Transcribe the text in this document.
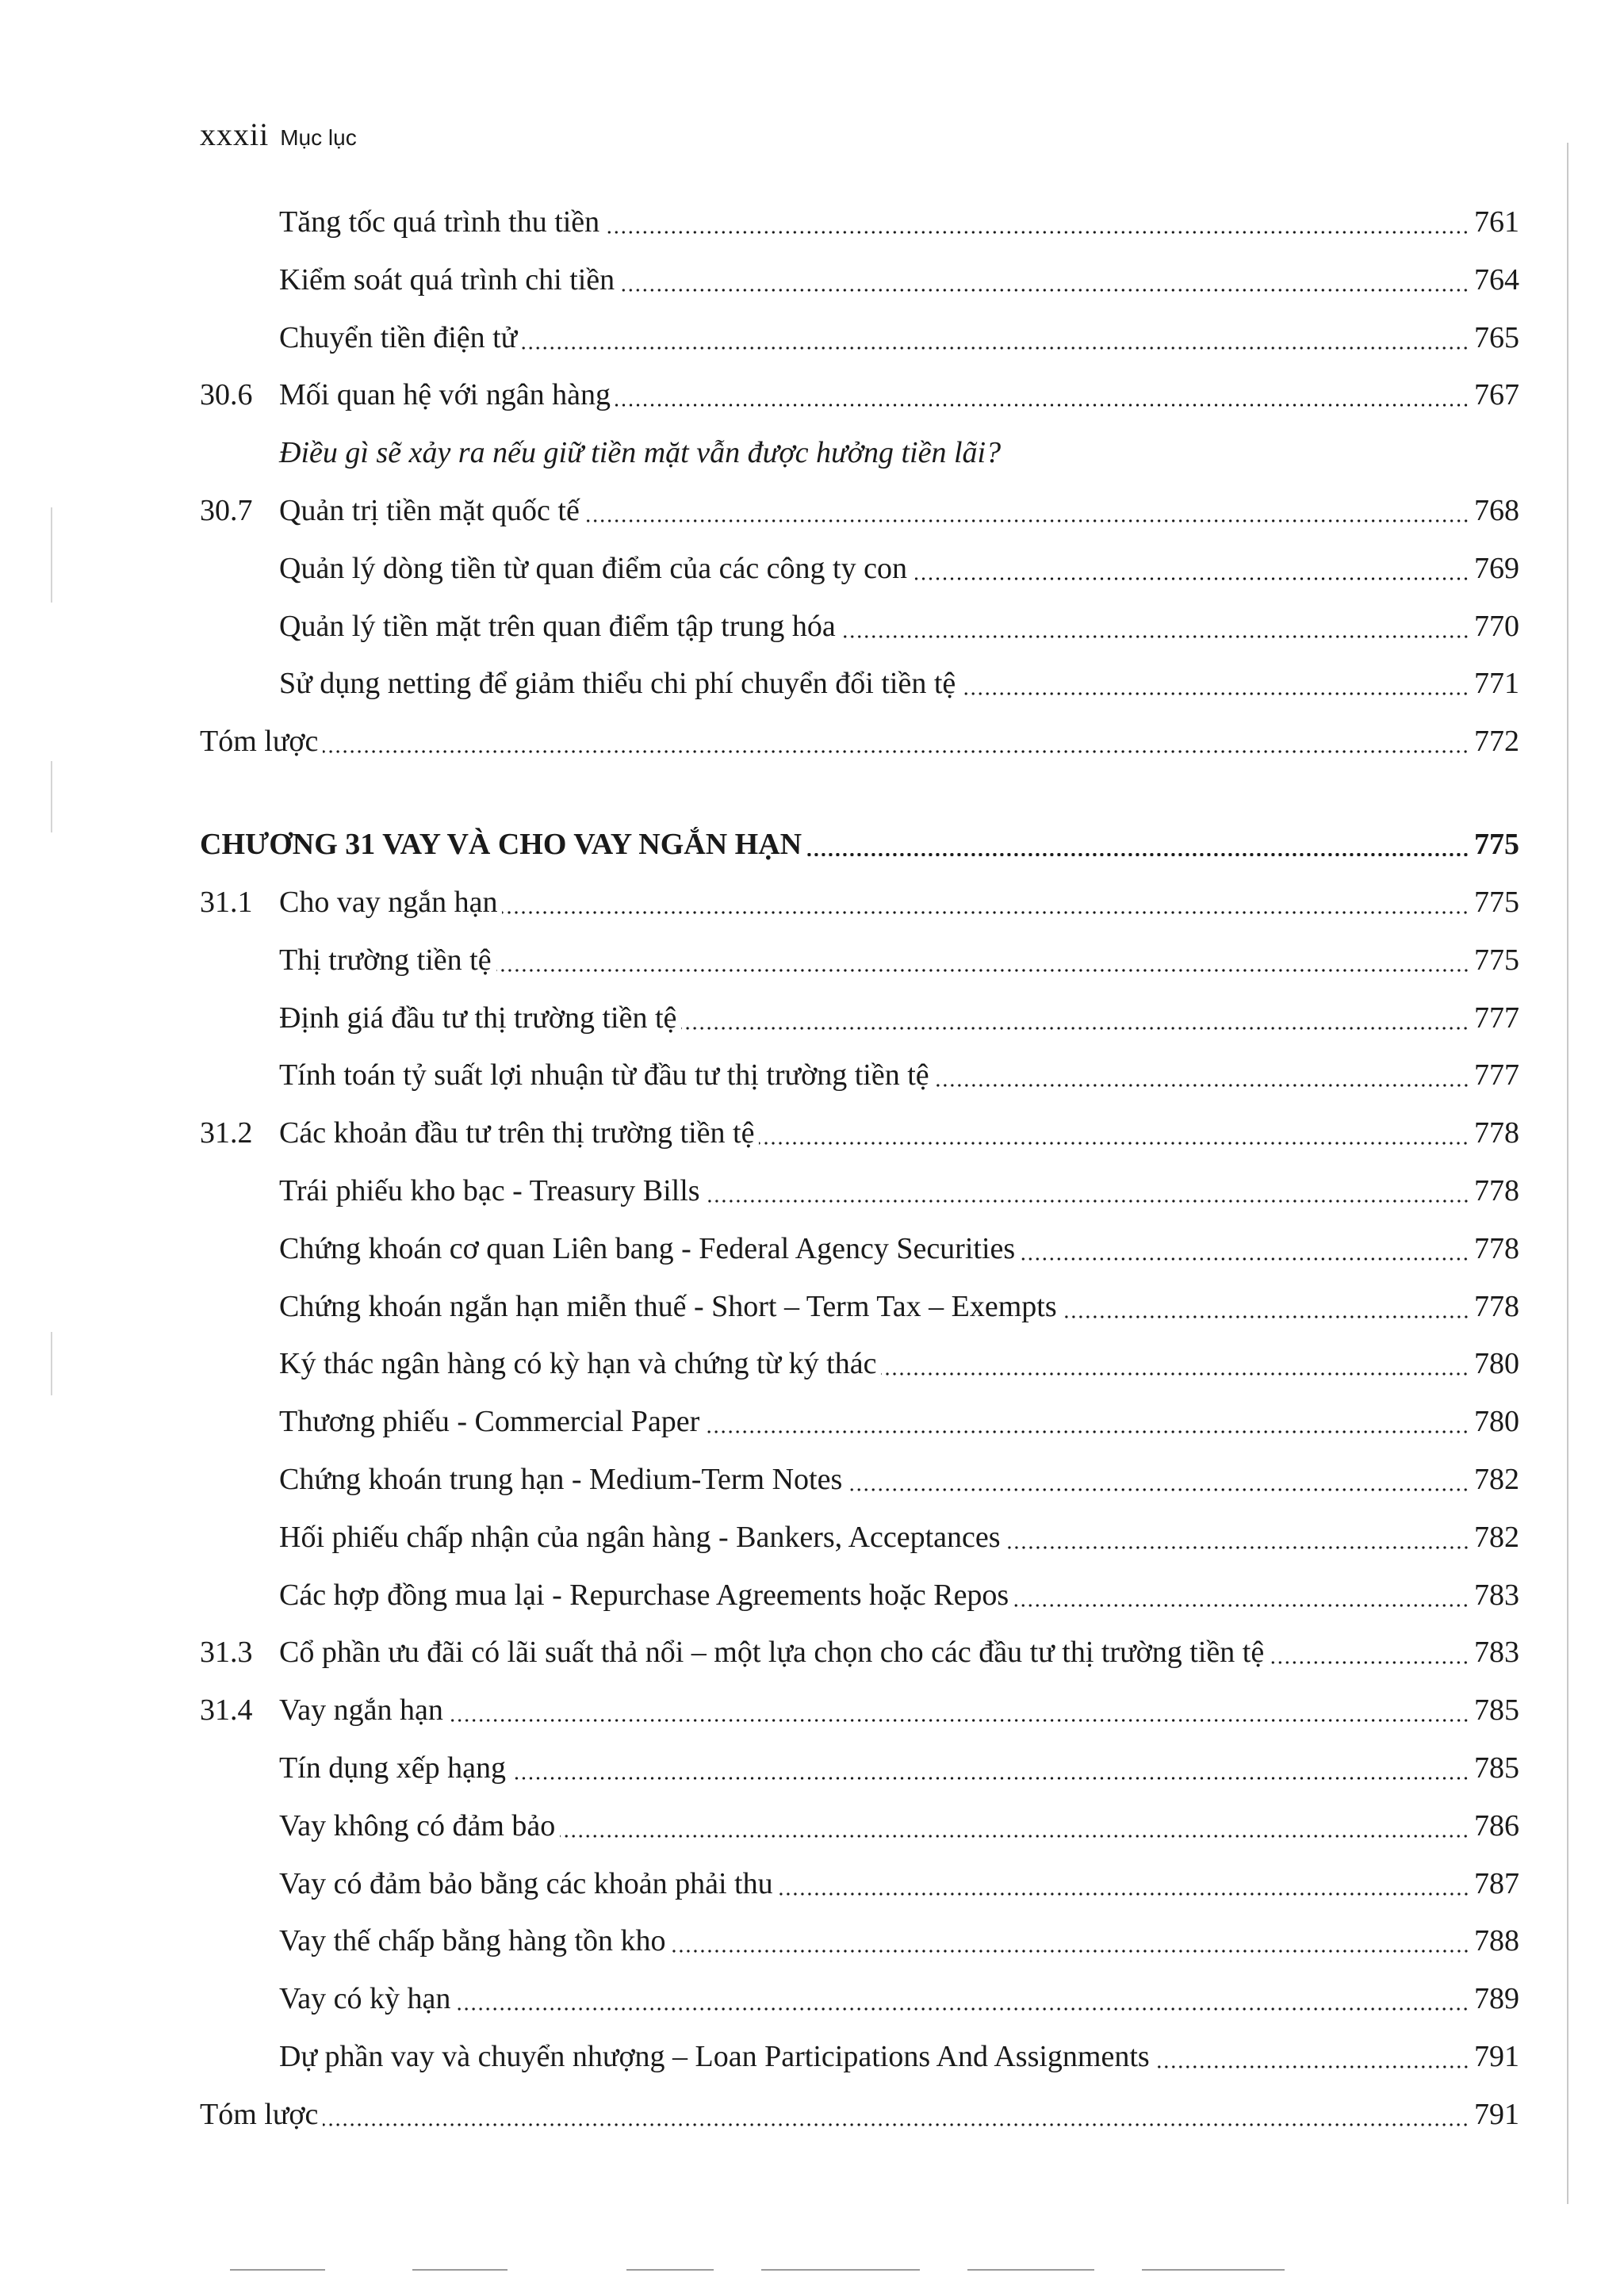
xxxii Mục lục
Tăng tốc quá trình thu tiền	761
Kiểm soát quá trình chi tiền	764
Chuyển tiền điện tử	765
30.6 Mối quan hệ với ngân hàng	767
Điều gì sẽ xảy ra nếu giữ tiền mặt vẫn được hưởng tiền lãi?
30.7 Quản trị tiền mặt quốc tế	768
Quản lý dòng tiền từ quan điểm của các công ty con	769
Quản lý tiền mặt trên quan điểm tập trung hóa	770
Sử dụng netting để giảm thiểu chi phí chuyển đổi tiền tệ	771
Tóm lược	772
CHƯƠNG 31 VAY VÀ CHO VAY NGẮN HẠN	775
31.1 Cho vay ngắn hạn	775
Thị trường tiền tệ	775
Định giá đầu tư thị trường tiền tệ	777
Tính toán tỷ suất lợi nhuận từ đầu tư thị trường tiền tệ	777
31.2 Các khoản đầu tư trên thị trường tiền tệ	778
Trái phiếu kho bạc - Treasury Bills	778
Chứng khoán cơ quan Liên bang - Federal Agency Securities	778
Chứng khoán ngắn hạn miễn thuế - Short – Term Tax – Exempts	778
Ký thác ngân hàng có kỳ hạn và chứng từ ký thác	780
Thương phiếu - Commercial Paper	780
Chứng khoán trung hạn - Medium-Term Notes	782
Hối phiếu chấp nhận của ngân hàng - Bankers, Acceptances	782
Các hợp đồng mua lại - Repurchase Agreements hoặc Repos	783
31.3 Cổ phần ưu đãi có lãi suất thả nổi – một lựa chọn cho các đầu tư thị trường tiền tệ	783
31.4 Vay ngắn hạn	785
Tín dụng xếp hạng	785
Vay không có đảm bảo	786
Vay có đảm bảo bằng các khoản phải thu	787
Vay thế chấp bằng hàng tồn kho	788
Vay có kỳ hạn	789
Dự phần vay và chuyển nhượng – Loan Participations And Assignments	791
Tóm lược	791
